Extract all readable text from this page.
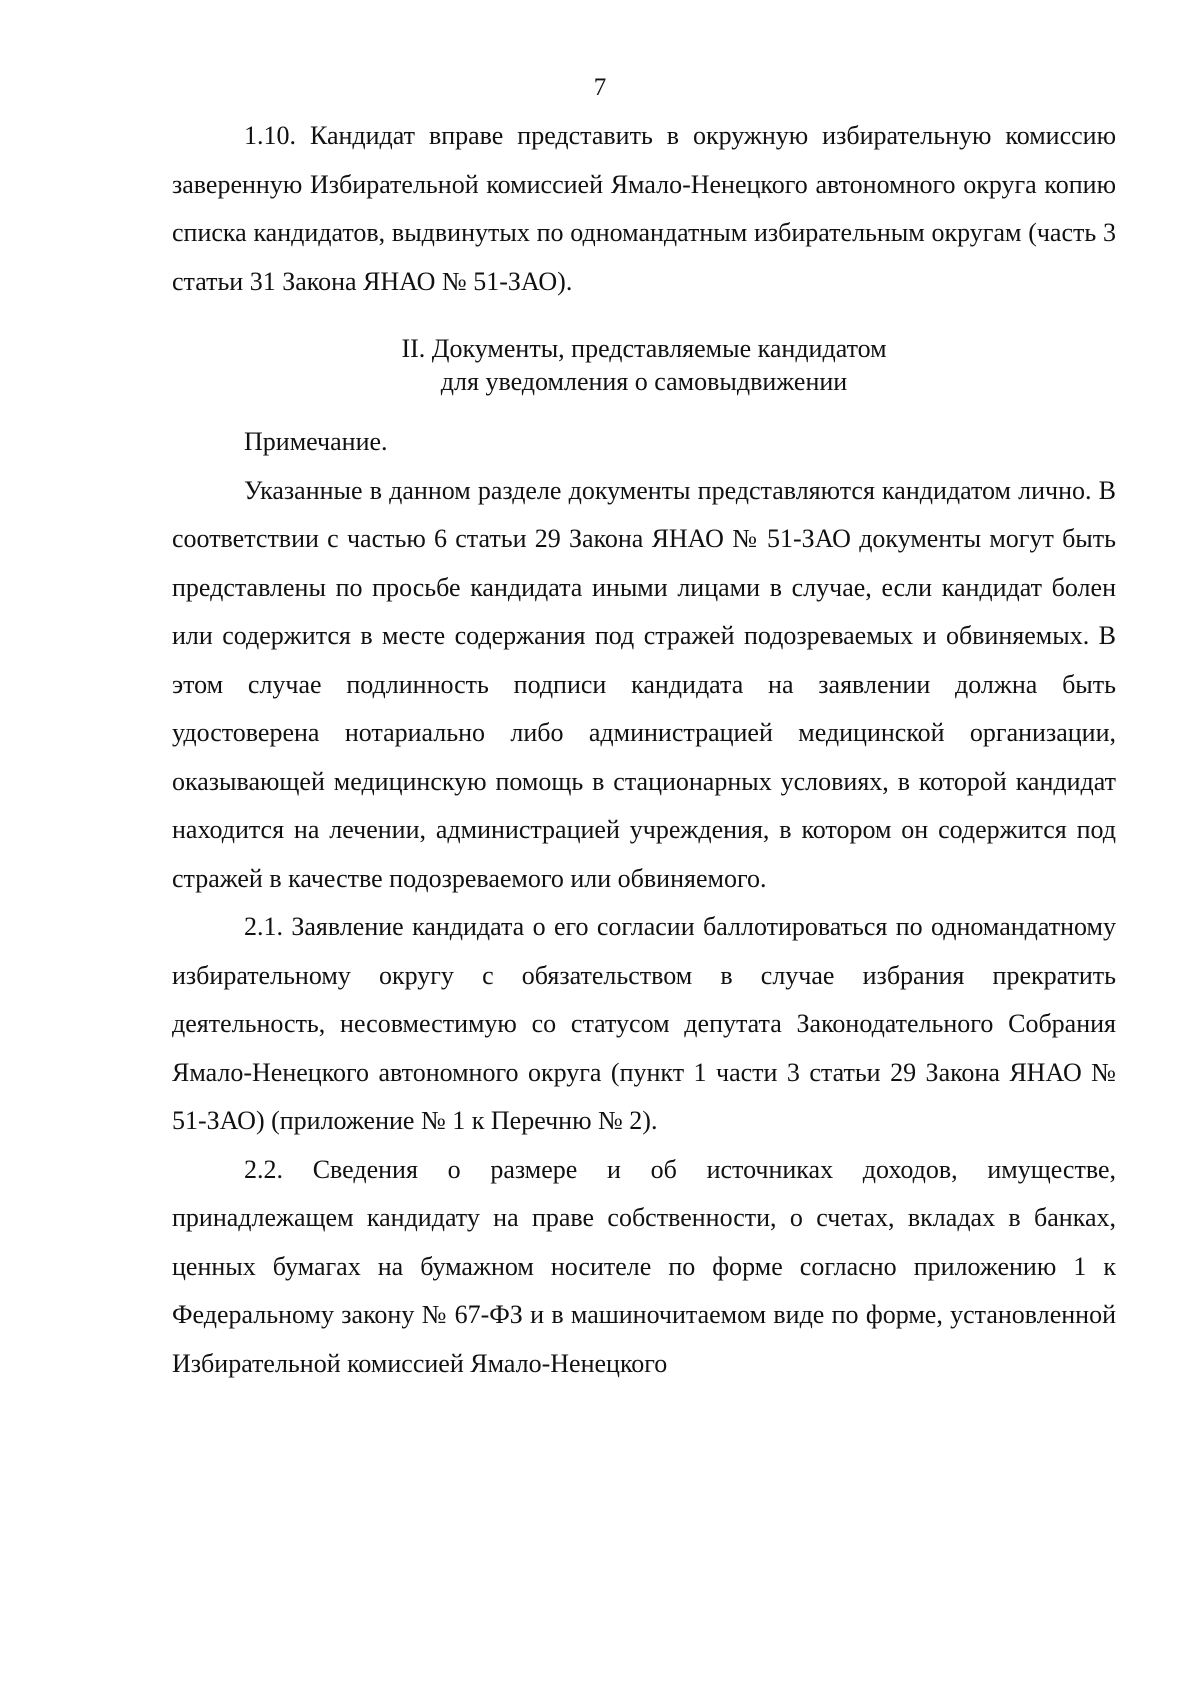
7

1.10. Кандидат вправе представить в окружную избирательную комиссию заверенную Избирательной комиссией Ямало-Ненецкого автономного округа копию списка кандидатов, выдвинутых по одномандатным избирательным округам (часть 3 статьи 31 Закона ЯНАО № 51-ЗАО).

II. Документы, представляемые кандидатом
для уведомления о самовыдвижении

Примечание.

Указанные в данном разделе документы представляются кандидатом лично. В соответствии с частью 6 статьи 29 Закона ЯНАО № 51-ЗАО документы могут быть представлены по просьбе кандидата иными лицами в случае, если кандидат болен или содержится в месте содержания под стражей подозреваемых и обвиняемых. В этом случае подлинность подписи кандидата на заявлении должна быть удостоверена нотариально либо администрацией медицинской организации, оказывающей медицинскую помощь в стационарных условиях, в которой кандидат находится на лечении, администрацией учреждения, в котором он содержится под стражей в качестве подозреваемого или обвиняемого.

2.1. Заявление кандидата о его согласии баллотироваться по одномандатному избирательному округу с обязательством в случае избрания прекратить деятельность, несовместимую со статусом депутата Законодательного Собрания Ямало-Ненецкого автономного округа (пункт 1 части 3 статьи 29 Закона ЯНАО № 51-ЗАО) (приложение № 1 к Перечню № 2).

2.2. Сведения о размере и об источниках доходов, имуществе, принадлежащем кандидату на праве собственности, о счетах, вкладах в банках, ценных бумагах на бумажном носителе по форме согласно приложению 1 к Федеральному закону № 67-ФЗ и в машиночитаемом виде по форме, установленной Избирательной комиссией Ямало-Ненецкого
